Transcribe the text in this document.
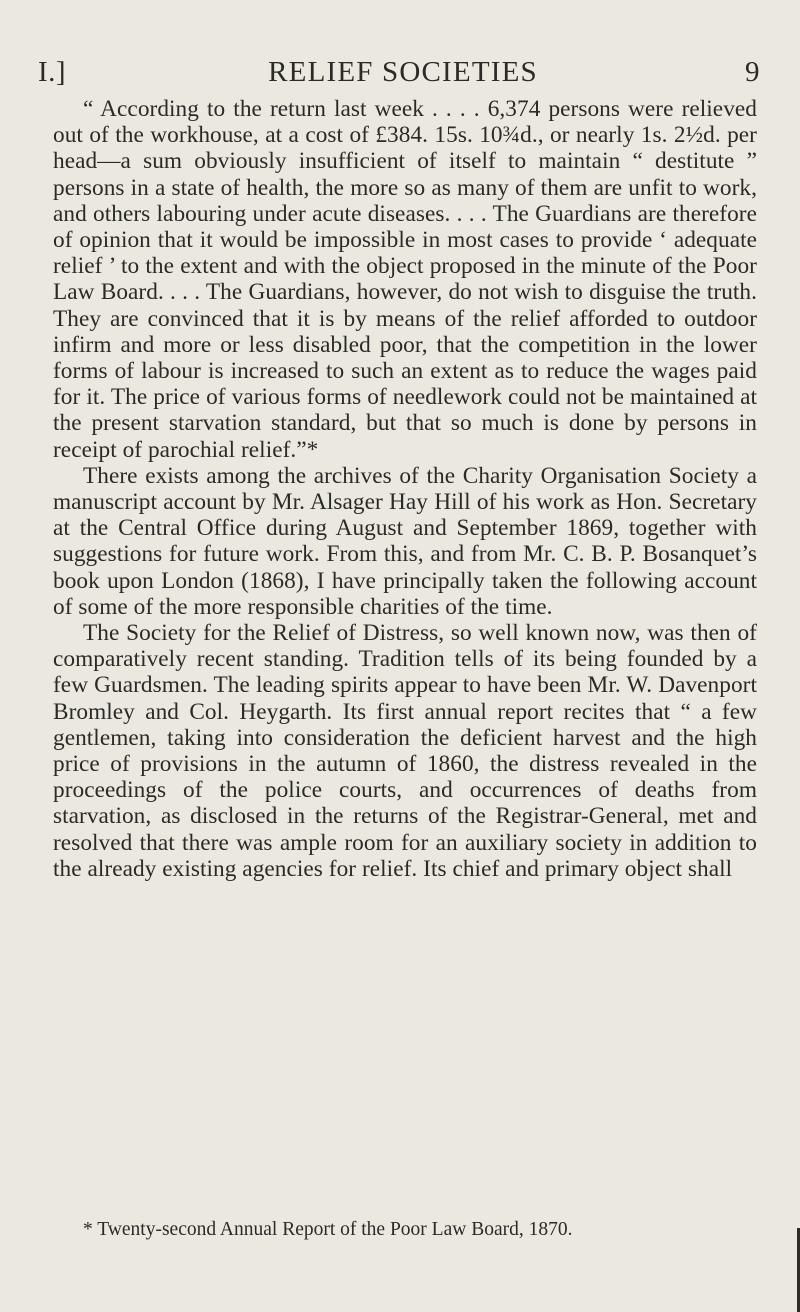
I.]	RELIEF SOCIETIES	9

“ According to the return last week . . . . 6,374 persons were relieved out of the workhouse, at a cost of £384. 15s. 10¾d., or nearly 1s. 2½d. per head—a sum obviously insufficient of itself to maintain “ destitute ” persons in a state of health, the more so as many of them are unfit to work, and others labouring under acute diseases. . . . The Guardians are therefore of opinion that it would be impossible in most cases to provide ‘ adequate relief ’ to the extent and with the object proposed in the minute of the Poor Law Board. . . . The Guardians, however, do not wish to disguise the truth. They are convinced that it is by means of the relief afforded to outdoor infirm and more or less disabled poor, that the competition in the lower forms of labour is increased to such an extent as to reduce the wages paid for it. The price of various forms of needlework could not be maintained at the present starvation standard, but that so much is done by persons in receipt of parochial relief.”*

There exists among the archives of the Charity Organisation Society a manuscript account by Mr. Alsager Hay Hill of his work as Hon. Secretary at the Central Office during August and September 1869, together with suggestions for future work. From this, and from Mr. C. B. P. Bosanquet’s book upon London (1868), I have principally taken the following account of some of the more responsible charities of the time.

The Society for the Relief of Distress, so well known now, was then of comparatively recent standing. Tradition tells of its being founded by a few Guardsmen. The leading spirits appear to have been Mr. W. Davenport Bromley and Col. Heygarth. Its first annual report recites that “ a few gentlemen, taking into consideration the deficient harvest and the high price of provisions in the autumn of 1860, the distress revealed in the proceedings of the police courts, and occurrences of deaths from starvation, as disclosed in the returns of the Registrar-General, met and resolved that there was ample room for an auxiliary society in addition to the already existing agencies for relief. Its chief and primary object shall

* Twenty-second Annual Report of the Poor Law Board, 1870.
